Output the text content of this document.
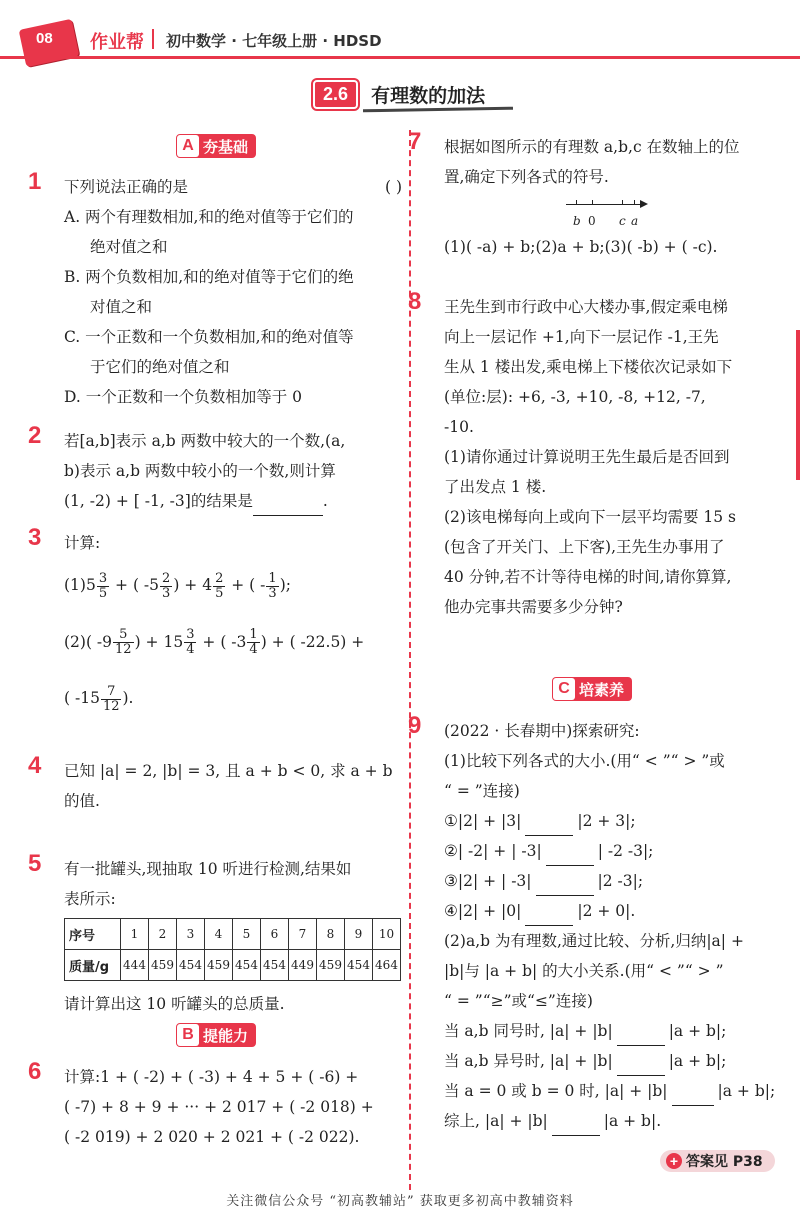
08 作业帮 初中数学 · 七年级上册 · HDSD
2.6 有理数的加法
A 夯基础
1 下列说法正确的是	( )
A. 两个有理数相加,和的绝对值等于它们的
绝对值之和
B. 两个负数相加,和的绝对值等于它们的绝
对值之和
C. 一个正数和一个负数相加,和的绝对值等
于它们的绝对值之和
D. 一个正数和一个负数相加等于 0
2 若[a,b]表示 a,b 两数中较大的一个数,(a,
b)表示 a,b 两数中较小的一个数,则计算
(1, -2) + [ -1, -3]的结果是	.
3 计算:
$(1)5 \frac{3}{5}$ + ( $-5 \frac{2}{3}$ ) + $4 \frac{2}{5}$ + ( - $\frac{1}{3}$ );
(2)( $-9 \frac{5}{12}$ ) + $15 \frac{3}{4}$ + ( $-3 \frac{1}{4}$ ) + ( -22.5) +
( $-15 \frac{7}{12}$ ).
4 已知 |a| = 2, |b| = 3, 且 a + b < 0, 求 a + b
的值.
5 有一批罐头,现抽取 10 听进行检测,结果如
表所示:
序号	1	2	3	4	5	6	7	8	9	10
质量/g	444	459	454	459	454	454	449	459	454	464
请计算出这 10 听罐头的总质量.
B 提能力
6 计算:1 + ( -2) + ( -3) + 4 + 5 + ( -6) +
( -7) + 8 + 9 + ··· + 2 017 + ( -2 018) +
( -2 019) + 2 020 + 2 021 + ( -2 022).
7 根据如图所示的有理数 a,b,c 在数轴上的位
置,确定下列各式的符号.
b 0 c a
(1)( -a) + b;(2)a + b;(3)( -b) + ( -c).
8 王先生到市行政中心大楼办事,假定乘电梯
向上一层记作 +1,向下一层记作 -1,王先
生从 1 楼出发,乘电梯上下楼依次记录如下
(单位:层): +6, -3, +10, -8, +12, -7,
-10.
(1)请你通过计算说明王先生最后是否回到
了出发点 1 楼.
(2)该电梯每向上或向下一层平均需要 15 s
(包含了开关门、上下客),王先生办事用了
40 分钟,若不计等待电梯的时间,请你算算,
他办完事共需要多少分钟?
C 培素养
9 (2022 · 长春期中)探索研究:
(1)比较下列各式的大小.(用“ < ”“ > ”或
“ = ”连接)
①|2| + |3|	|2 + 3|;
②| -2| + | -3|	| -2 -3|;
③|2| + | -3|	|2 -3|;
④|2| + |0|	|2 + 0|.
(2)a,b 为有理数,通过比较、分析,归纳|a| +
|b|与 |a + b| 的大小关系.(用“ < ”“ > ”
“ = ”“≥”或“≤”连接)
当 a,b 同号时, |a| + |b|	|a + b|;
当 a,b 异号时, |a| + |b|	|a + b|;
当 a = 0 或 b = 0 时, |a| + |b|	|a + b|;
综上, |a| + |b|	|a + b|.
+ 答案见 P38
关注微信公众号 “初高教辅站” 获取更多初高中教辅资料
